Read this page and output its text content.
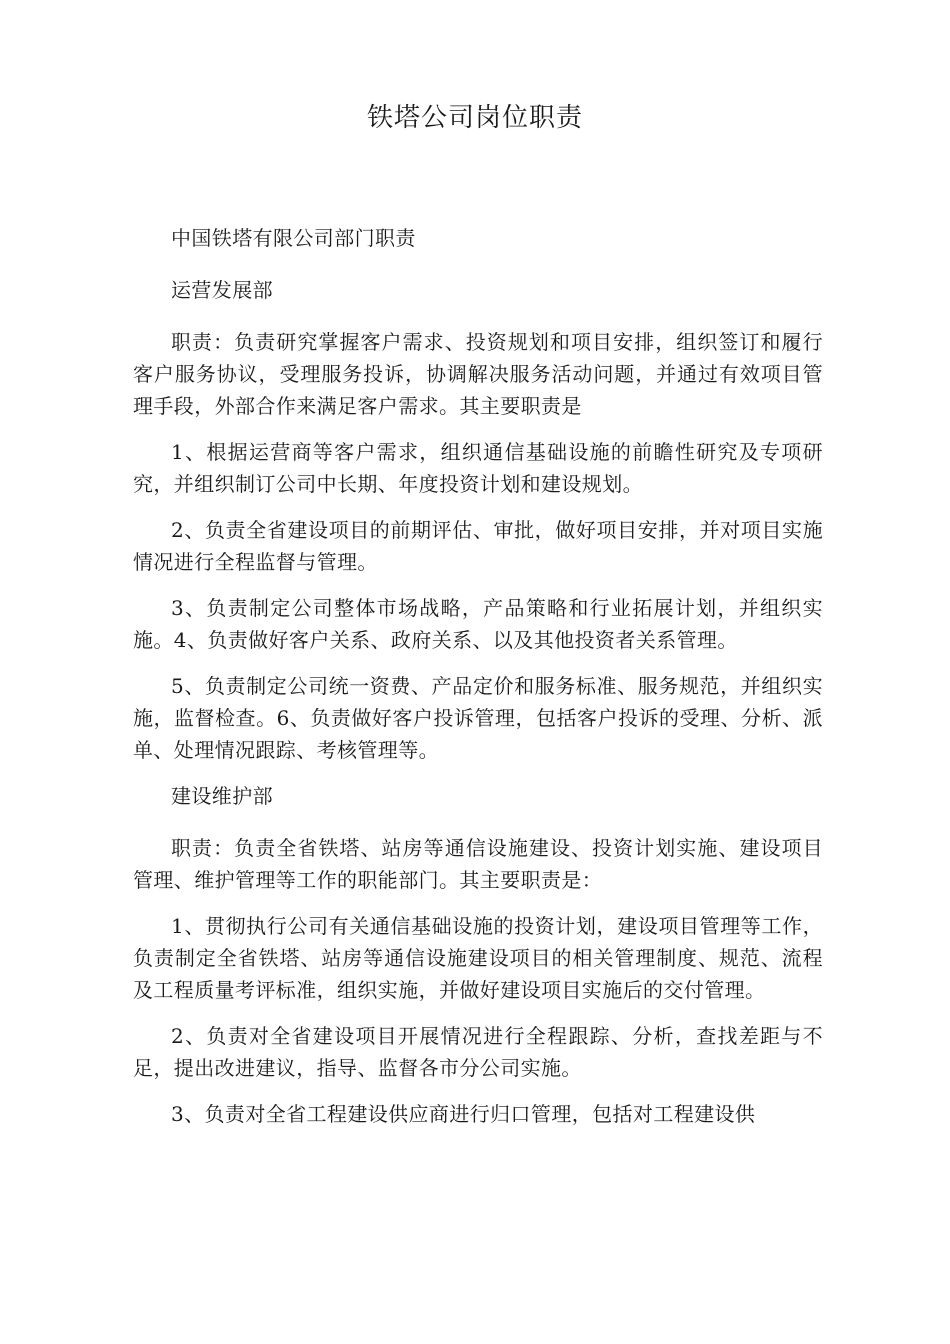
铁塔公司岗位职责

中国铁塔有限公司部门职责

运营发展部

职责：负责研究掌握客户需求、投资规划和项目安排，组织签订和履行客户服务协议，受理服务投诉，协调解决服务活动问题，并通过有效项目管理手段，外部合作来满足客户需求。其主要职责是

1、根据运营商等客户需求，组织通信基础设施的前瞻性研究及专项研究，并组织制订公司中长期、年度投资计划和建设规划。

2、负责全省建设项目的前期评估、审批，做好项目安排，并对项目实施情况进行全程监督与管理。

3、负责制定公司整体市场战略，产品策略和行业拓展计划，并组织实施。4、负责做好客户关系、政府关系、以及其他投资者关系管理。

5、负责制定公司统一资费、产品定价和服务标准、服务规范，并组织实施，监督检查。6、负责做好客户投诉管理，包括客户投诉的受理、分析、派单、处理情况跟踪、考核管理等。

建设维护部

职责：负责全省铁塔、站房等通信设施建设、投资计划实施、建设项目管理、维护管理等工作的职能部门。其主要职责是：

1、贯彻执行公司有关通信基础设施的投资计划，建设项目管理等工作，负责制定全省铁塔、站房等通信设施建设项目的相关管理制度、规范、流程及工程质量考评标准，组织实施，并做好建设项目实施后的交付管理。

2、负责对全省建设项目开展情况进行全程跟踪、分析，查找差距与不足，提出改进建议，指导、监督各市分公司实施。

3、负责对全省工程建设供应商进行归口管理，包括对工程建设供
